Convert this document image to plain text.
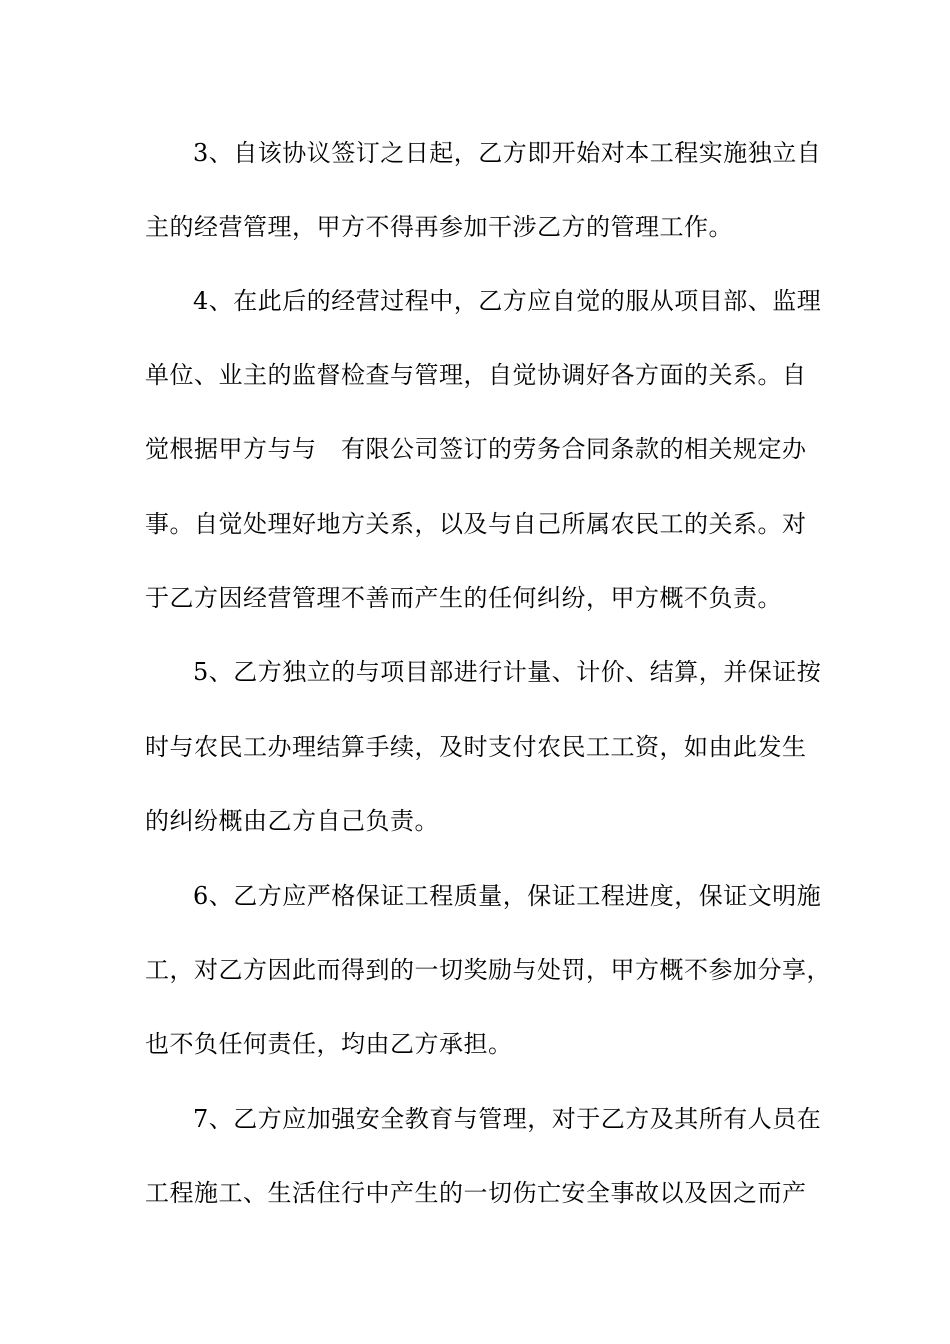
3、自该协议签订之日起，乙方即开始对本工程实施独立自
主的经营管理，甲方不得再参加干涉乙方的管理工作。
4、在此后的经营过程中，乙方应自觉的服从项目部、监理
单位、业主的监督检查与管理，自觉协调好各方面的关系。自
觉根据甲方与与　有限公司签订的劳务合同条款的相关规定办
事。自觉处理好地方关系，以及与自己所属农民工的关系。对
于乙方因经营管理不善而产生的任何纠纷，甲方概不负责。
5、乙方独立的与项目部进行计量、计价、结算，并保证按
时与农民工办理结算手续，及时支付农民工工资，如由此发生
的纠纷概由乙方自己负责。
6、乙方应严格保证工程质量，保证工程进度，保证文明施
工，对乙方因此而得到的一切奖励与处罚，甲方概不参加分享，
也不负任何责任，均由乙方承担。
7、乙方应加强安全教育与管理，对于乙方及其所有人员在
工程施工、生活住行中产生的一切伤亡安全事故以及因之而产
